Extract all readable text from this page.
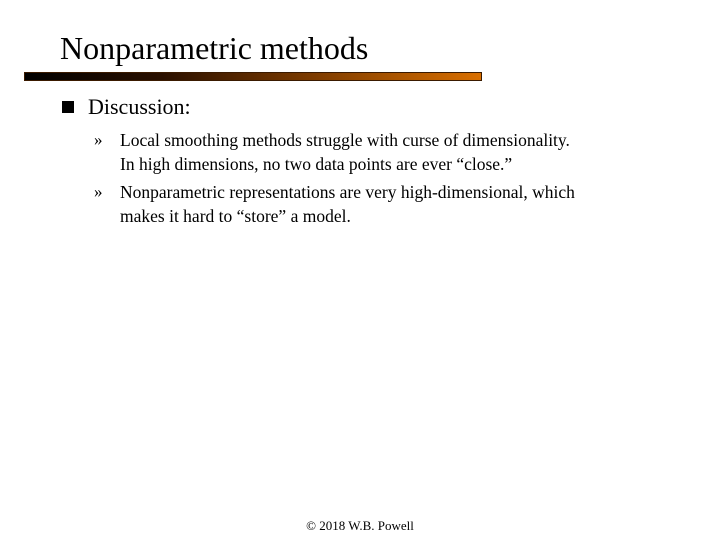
Nonparametric methods
Discussion:
»	Local smoothing methods struggle with curse of dimensionality.
In high dimensions, no two data points are ever “close.”
»	Nonparametric representations are very high-dimensional, which
makes it hard to “store” a model.
© 2018 W.B. Powell
